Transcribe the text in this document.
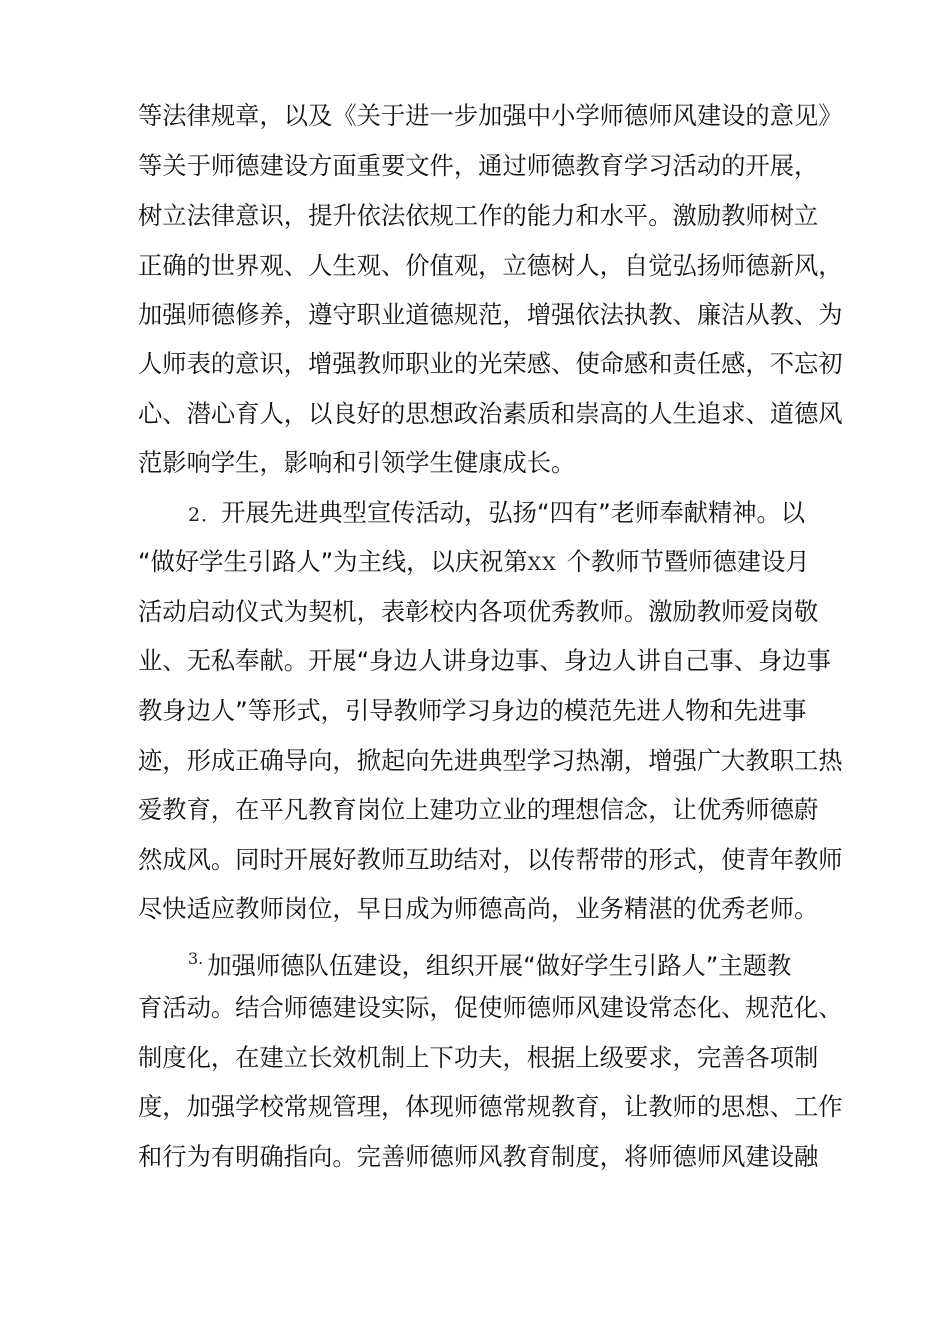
等法律规章，以及《关于进一步加强中小学师德师风建设的意见》
等关于师德建设方面重要文件，通过师德教育学习活动的开展，
树立法律意识，提升依法依规工作的能力和水平。激励教师树立
正确的世界观、人生观、价值观，立德树人，自觉弘扬师德新风，
加强师德修养，遵守职业道德规范，增强依法执教、廉洁从教、为
人师表的意识，增强教师职业的光荣感、使命感和责任感，不忘初
心、潜心育人，以良好的思想政治素质和崇高的人生追求、道德风
范影响学生，影响和引领学生健康成长。
2．开展先进典型宣传活动，弘扬“四有”老师奉献精神。以
“做好学生引路人”为主线，以庆祝第XX 个教师节暨师德建设月
活动启动仪式为契机，表彰校内各项优秀教师。激励教师爱岗敬
业、无私奉献。开展“身边人讲身边事、身边人讲自己事、身边事
教身边人”等形式，引导教师学习身边的模范先进人物和先进事
迹，形成正确导向，掀起向先进典型学习热潮，增强广大教职工热
爱教育，在平凡教育岗位上建功立业的理想信念，让优秀师德蔚
然成风。同时开展好教师互助结对，以传帮带的形式，使青年教师
尽快适应教师岗位，早日成为师德高尚，业务精湛的优秀老师。
$^{3.}$ 加强师德队伍建设，组织开展“做好学生引路人”主题教
育活动。结合师德建设实际，促使师德师风建设常态化、规范化、
制度化，在建立长效机制上下功夫，根据上级要求，完善各项制
度，加强学校常规管理，体现师德常规教育，让教师的思想、工作
和行为有明确指向。完善师德师风教育制度，将师德师风建设融
